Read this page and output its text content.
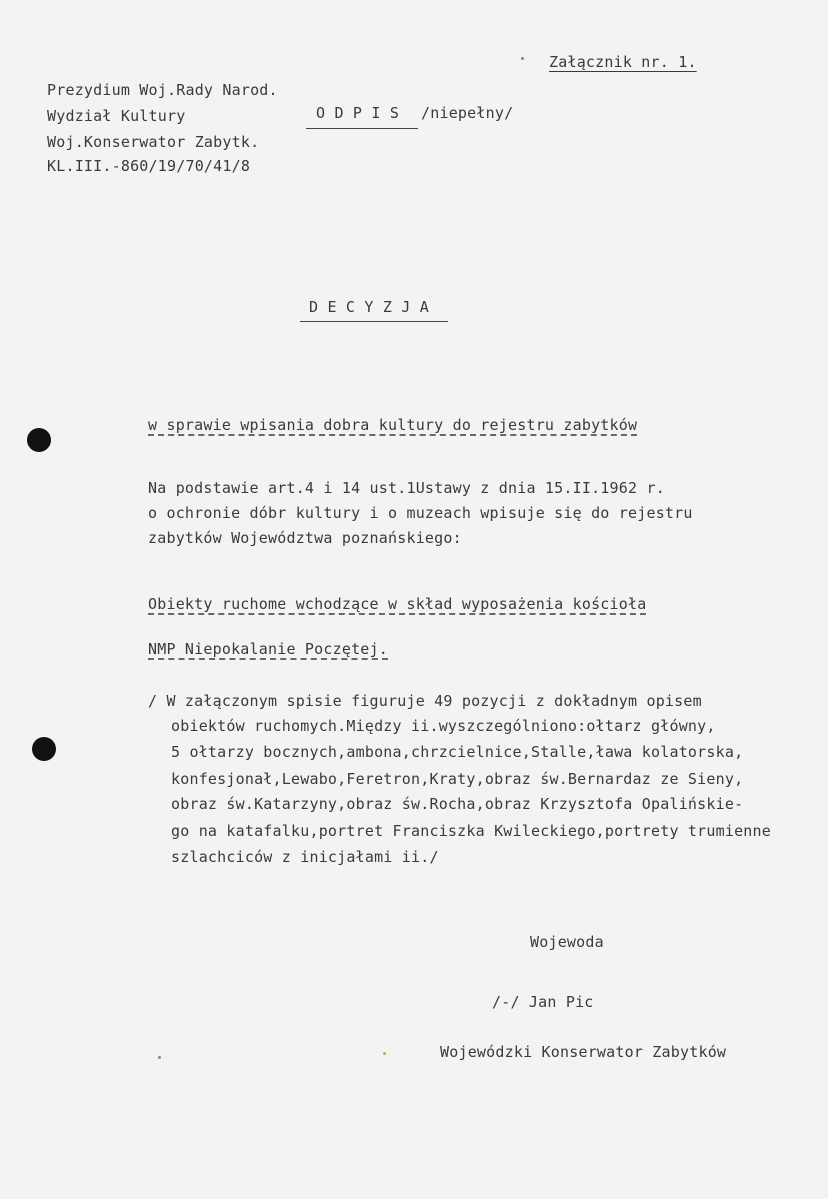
Załącznik nr. 1.
Prezydium Woj.Rady Narod.
Wydział Kultury
Woj.Konserwator Zabytk.
KL.III.-860/19/70/41/8
O D P I S /niepełny/
D E C Y Z J A
w sprawie wpisania dobra kultury do rejestru zabytków
Na podstawie art.4 i 14 ust.1Ustawy z dnia 15.II.1962 r.
o ochronie dóbr kultury i o muzeach wpisuje się do rejestru
zabytków Województwa poznańskiego:
Obiekty ruchome wchodzące w skład wyposażenia kościoła
NMP Niepokalanie Poczętej.
/ W załączonym spisie figuruje 49 pozycji z dokładnym opisem
obiektów ruchomych.Między ii.wyszczególniono:ołtarz główny,
5 ołtarzy bocznych,ambona,chrzcielnice,Stalle,ława kolatorska,
konfesjonał,Lewabo,Feretron,Kraty,obraz św.Bernardaz ze Sieny,
obraz św.Katarzyny,obraz św.Rocha,obraz Krzysztofa Opalińskie-
go na katafalku,portret Franciszka Kwileckiego,portrety trumienne
szlachciców z inicjałami ii./
Wojewoda
/-/ Jan Pic
Wojewódzki Konserwator Zabytków
